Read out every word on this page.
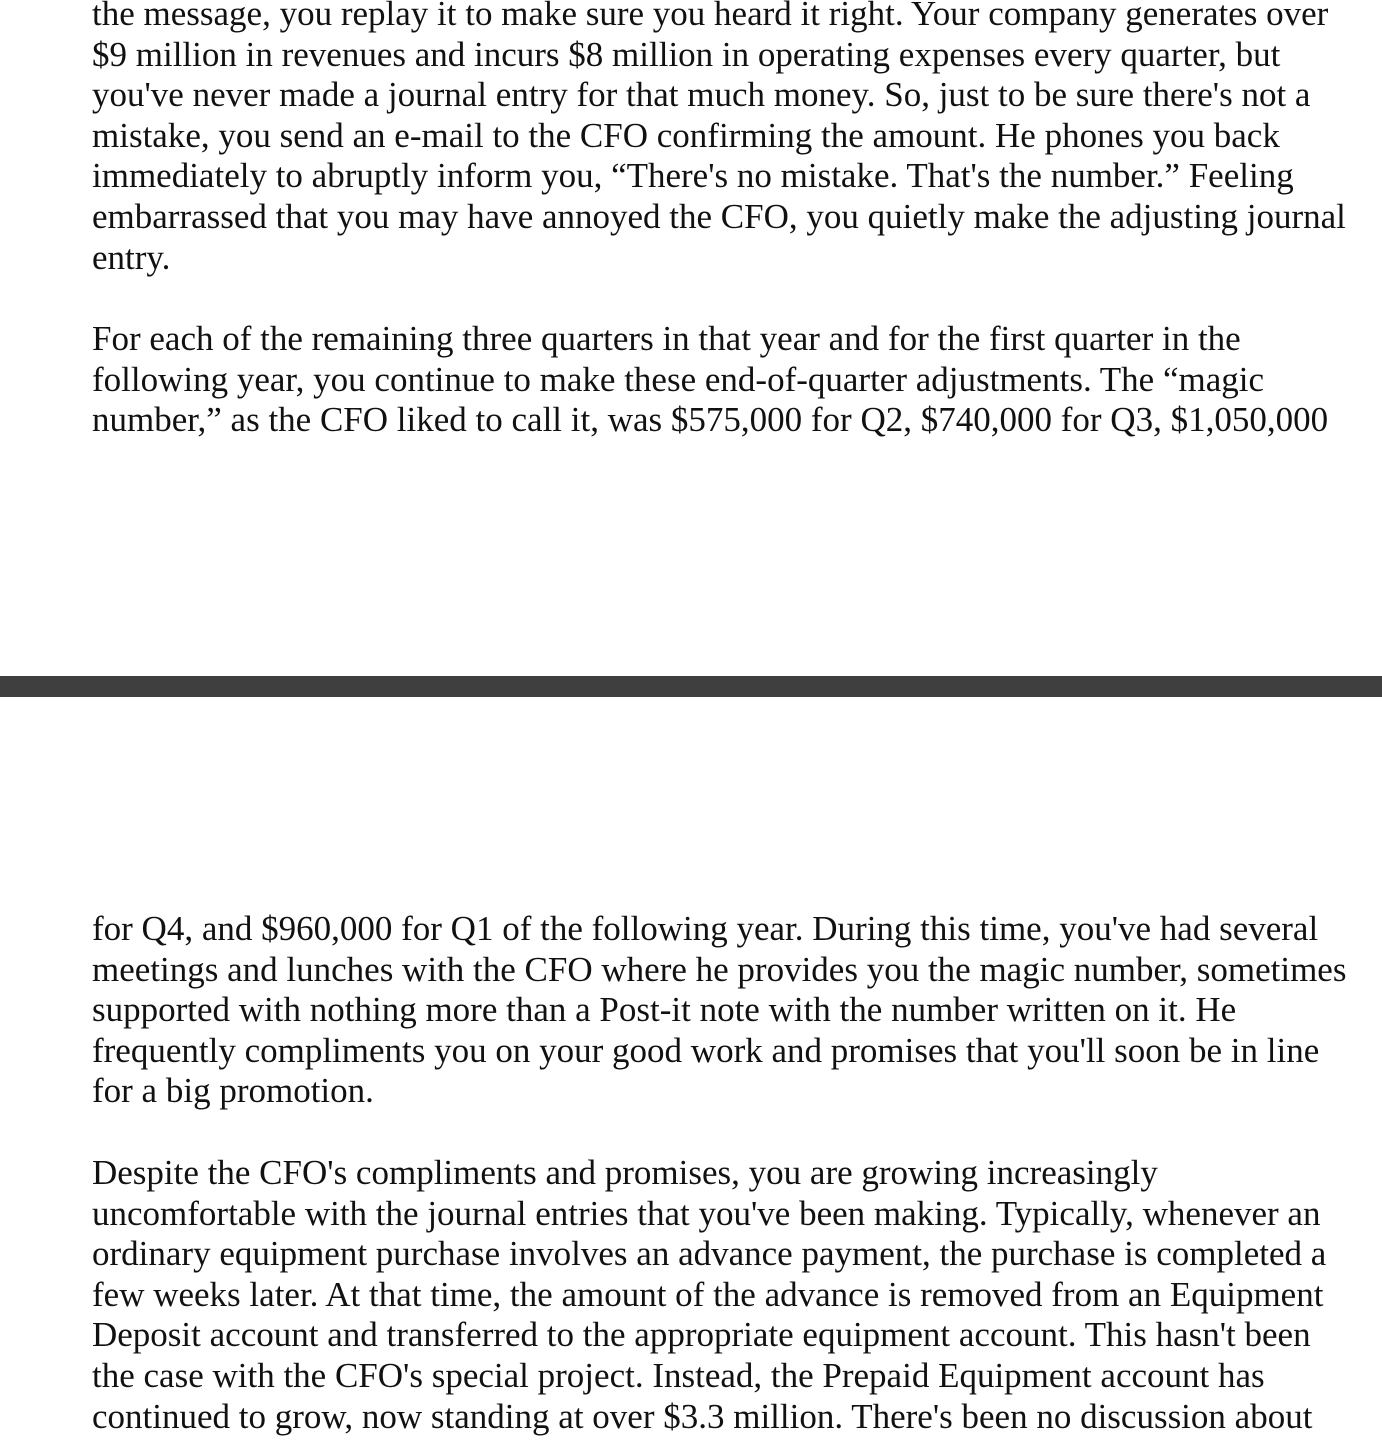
the message, you replay it to make sure you heard it right. Your company generates over
$9 million in revenues and incurs $8 million in operating expenses every quarter, but
you've never made a journal entry for that much money. So, just to be sure there's not a
mistake, you send an e-mail to the CFO confirming the amount. He phones you back
immediately to abruptly inform you, “There's no mistake. That's the number.” Feeling
embarrassed that you may have annoyed the CFO, you quietly make the adjusting journal
entry.
For each of the remaining three quarters in that year and for the first quarter in the
following year, you continue to make these end-of-quarter adjustments. The “magic
number,” as the CFO liked to call it, was $575,000 for Q2, $740,000 for Q3, $1,050,000
for Q4, and $960,000 for Q1 of the following year. During this time, you've had several
meetings and lunches with the CFO where he provides you the magic number, sometimes
supported with nothing more than a Post-it note with the number written on it. He
frequently compliments you on your good work and promises that you'll soon be in line
for a big promotion.
Despite the CFO's compliments and promises, you are growing increasingly
uncomfortable with the journal entries that you've been making. Typically, whenever an
ordinary equipment purchase involves an advance payment, the purchase is completed a
few weeks later. At that time, the amount of the advance is removed from an Equipment
Deposit account and transferred to the appropriate equipment account. This hasn't been
the case with the CFO's special project. Instead, the Prepaid Equipment account has
continued to grow, now standing at over $3.3 million. There's been no discussion about
